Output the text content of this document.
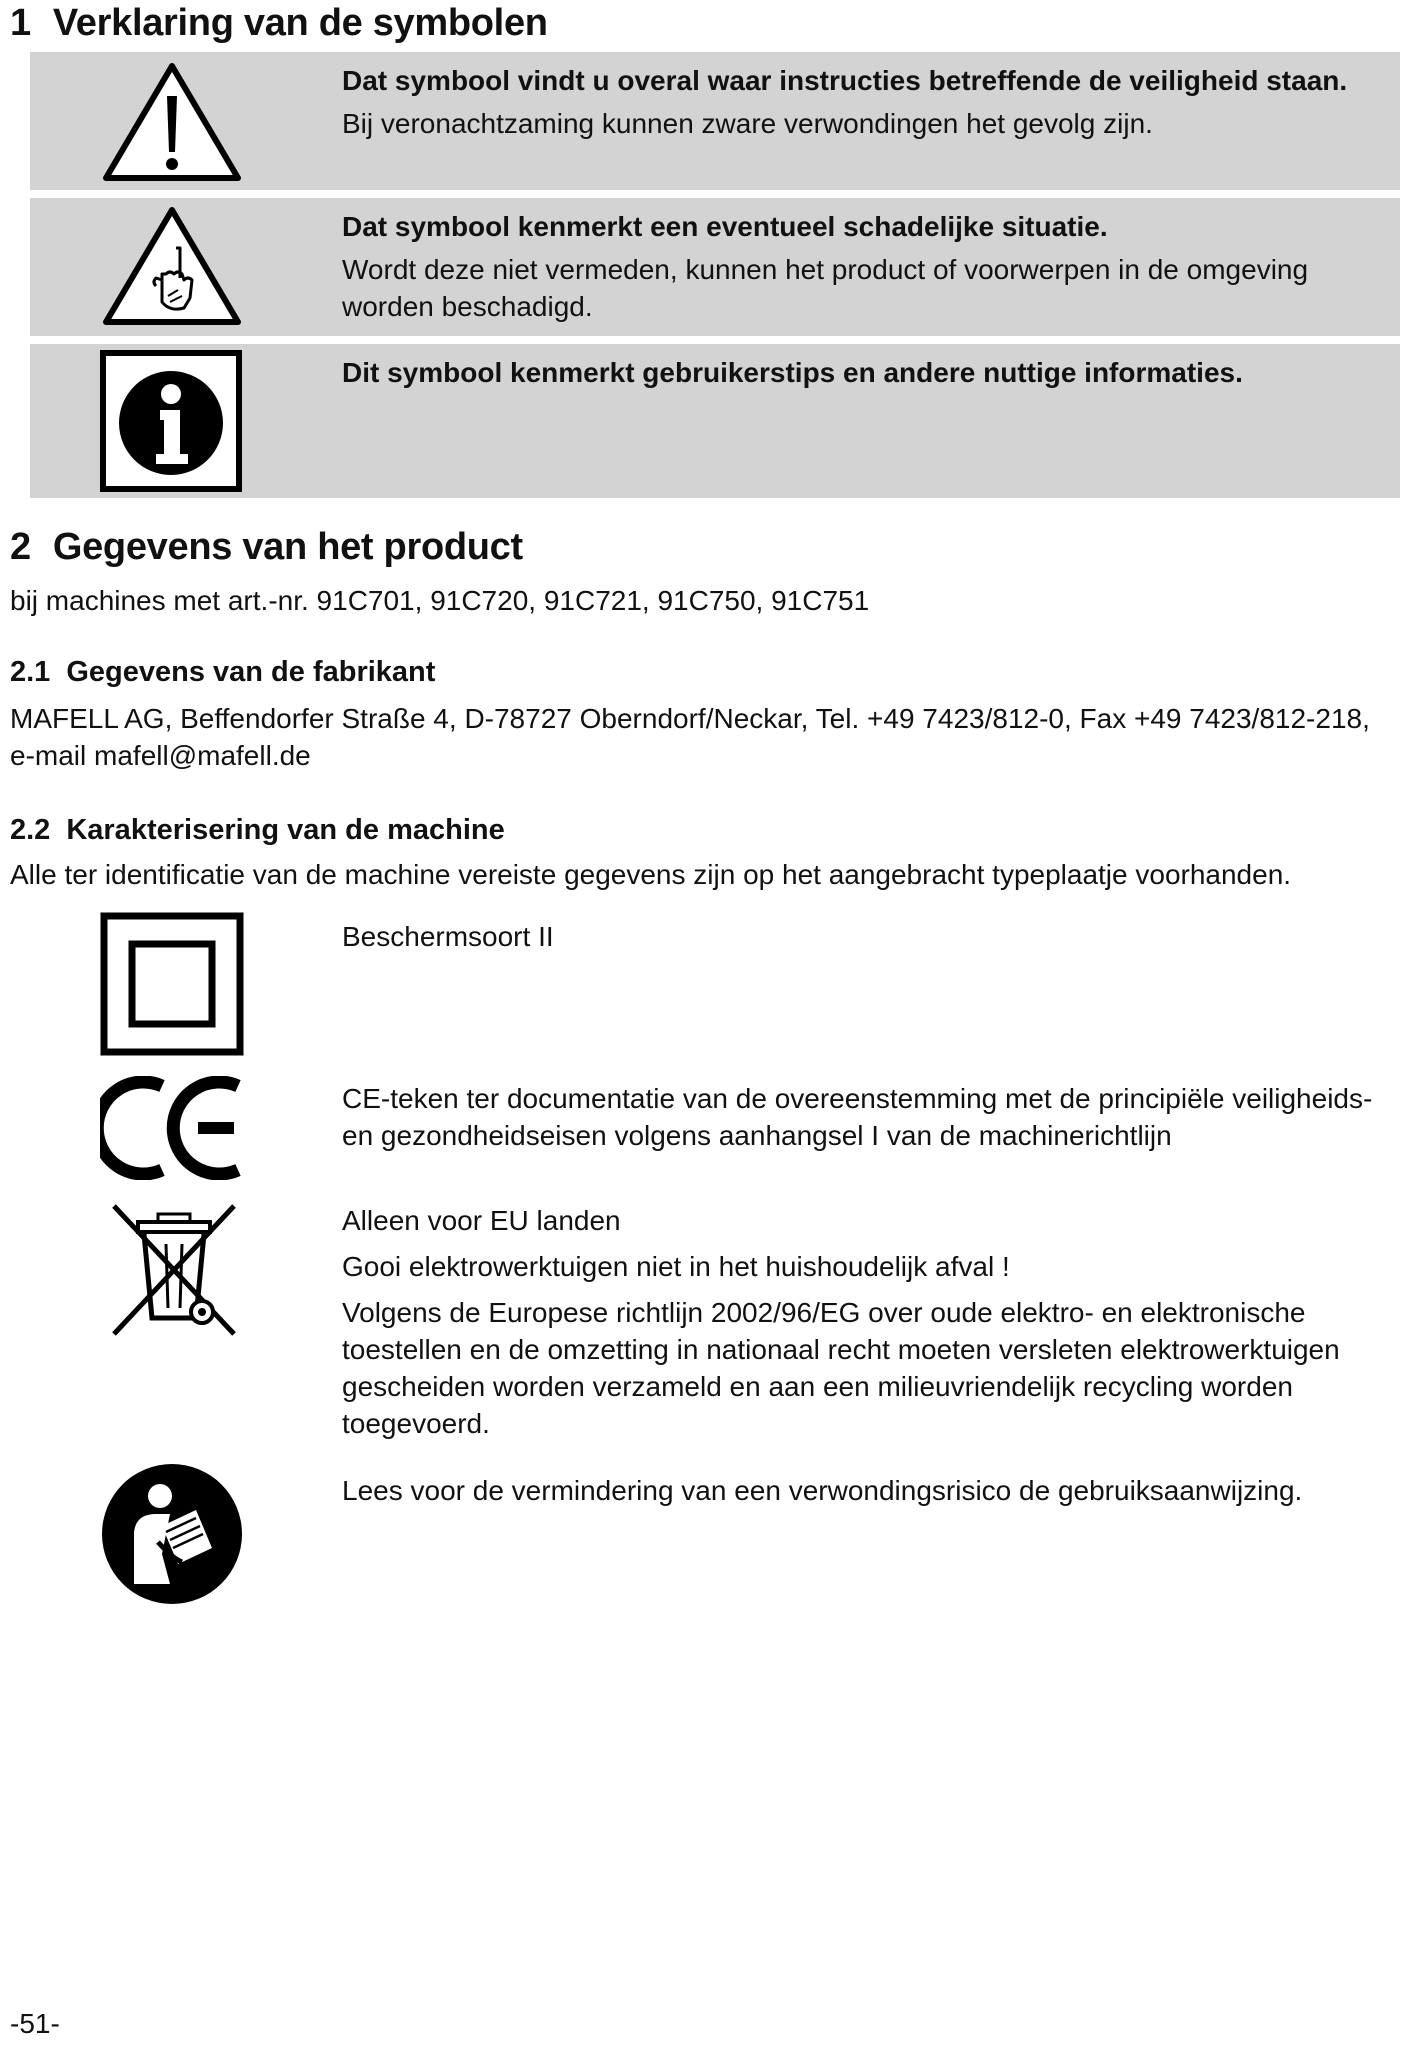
1 Verklaring van de symbolen
Dat symbool vindt u overal waar instructies betreffende de veiligheid staan.
Bij veronachtzaming kunnen zware verwondingen het gevolg zijn.
Dat symbool kenmerkt een eventueel schadelijke situatie.
Wordt deze niet vermeden, kunnen het product of voorwerpen in de omgeving worden beschadigd.
Dit symbool kenmerkt gebruikerstips en andere nuttige informaties.
2 Gegevens van het product
bij machines met art.-nr. 91C701, 91C720, 91C721, 91C750, 91C751
2.1 Gegevens van de fabrikant
MAFELL AG, Beffendorfer Straße 4, D-78727 Oberndorf/Neckar, Tel. +49 7423/812-0, Fax +49 7423/812-218, e-mail mafell@mafell.de
2.2 Karakterisering van de machine
Alle ter identificatie van de machine vereiste gegevens zijn op het aangebracht typeplaatje voorhanden.

Beschermsoort II

CE-teken ter documentatie van de overeenstemming met de principiële veiligheids- en gezondheidseisen volgens aanhangsel I van de machinerichtlijn

Alleen voor EU landen

Gooi elektrowerktuigen niet in het huishoudelijk afval !

Volgens de Europese richtlijn 2002/96/EG over oude elektro- en elektronische toestellen en de omzetting in nationaal recht moeten versleten elektrowerktuigen gescheiden worden verzameld en aan een milieuvriendelijk recycling worden toegevoerd.

Lees voor de vermindering van een verwondingsrisico de gebruiksaanwijzing.

-51-
